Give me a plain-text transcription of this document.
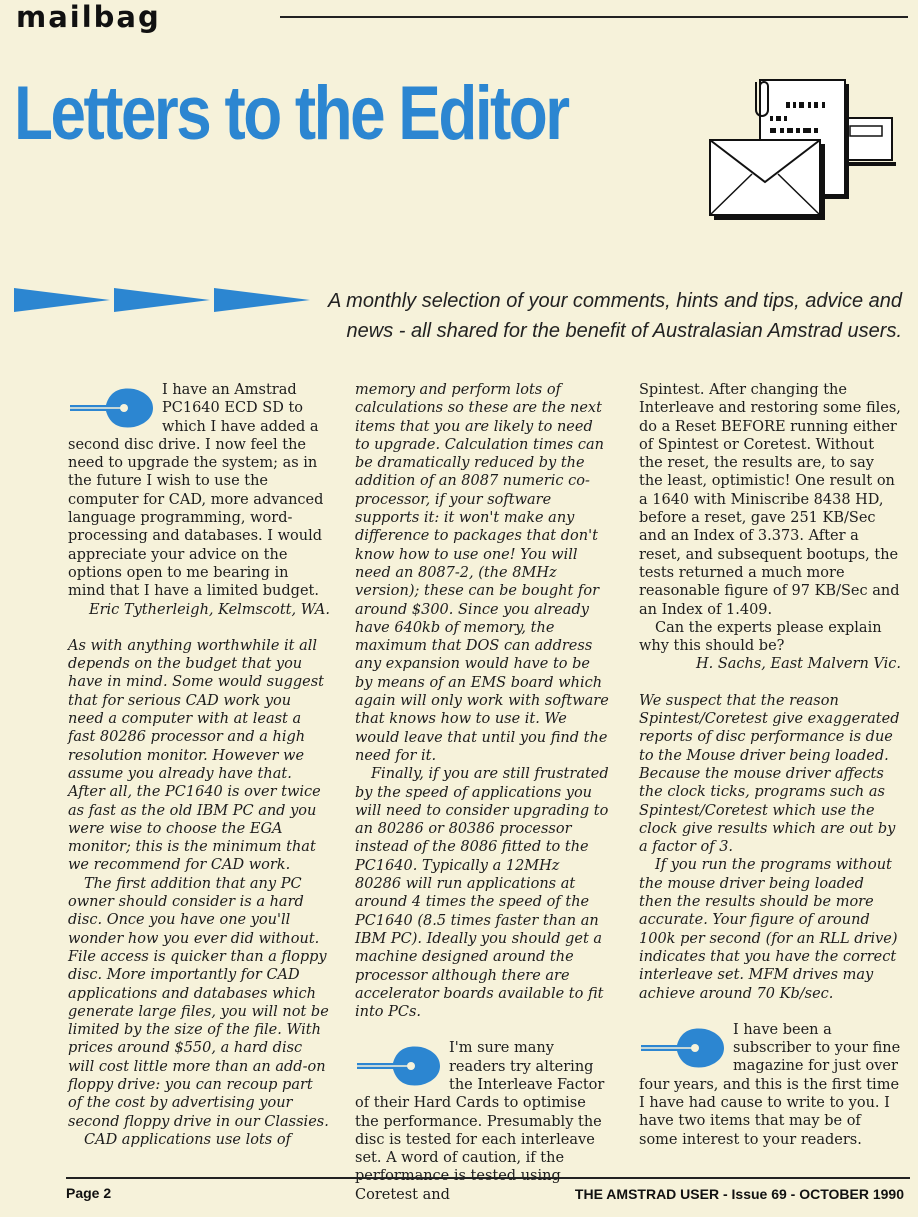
mailbag
Letters to the Editor
A monthly selection of your comments, hints and tips, advice and news - all shared for the benefit of Australasian Amstrad users.

I have an Amstrad PC1640 ECD SD to which I have added a second disc drive. I now feel the need to upgrade the system; as in the future I wish to use the computer for CAD, more advanced language programming, word-processing and databases. I would appreciate your advice on the options open to me bearing in mind that I have a limited budget.

Eric Tytherleigh, Kelmscott, WA.

As with anything worthwhile it all depends on the budget that you have in mind. Some would suggest that for serious CAD work you need a computer with at least a fast 80286 processor and a high resolution monitor. However we assume you already have that. After all, the PC1640 is over twice as fast as the old IBM PC and you were wise to choose the EGA monitor; this is the minimum that we recommend for CAD work.

The first addition that any PC owner should consider is a hard disc. Once you have one you'll wonder how you ever did without. File access is quicker than a floppy disc. More importantly for CAD applications and databases which generate large files, you will not be limited by the size of the file. With prices around $550, a hard disc will cost little more than an add-on floppy drive: you can recoup part of the cost by advertising your second floppy drive in our Classies.

CAD applications use lots of

memory and perform lots of calculations so these are the next items that you are likely to need to upgrade. Calculation times can be dramatically reduced by the addition of an 8087 numeric co-processor, if your software supports it: it won't make any difference to packages that don't know how to use one! You will need an 8087-2, (the 8MHz version); these can be bought for around $300. Since you already have 640kb of memory, the maximum that DOS can address any expansion would have to be by means of an EMS board which again will only work with software that knows how to use it. We would leave that until you find the need for it.

Finally, if you are still frustrated by the speed of applications you will need to consider upgrading to an 80286 or 80386 processor instead of the 8086 fitted to the PC1640. Typically a 12MHz 80286 will run applications at around 4 times the speed of the PC1640 (8.5 times faster than an IBM PC). Ideally you should get a machine designed around the processor although there are accelerator boards available to fit into PCs.

I'm sure many readers try altering the Interleave Factor of their Hard Cards to optimise the performance. Presumably the disc is tested for each interleave set. A word of caution, if the performance is tested using Coretest and

Spintest. After changing the Interleave and restoring some files, do a Reset BEFORE running either of Spintest or Coretest. Without the reset, the results are, to say the least, optimistic! One result on a 1640 with Miniscribe 8438 HD, before a reset, gave 251 KB/Sec and an Index of 3.373. After a reset, and subsequent bootups, the tests returned a much more reasonable figure of 97 KB/Sec and an Index of 1.409.

Can the experts please explain why this should be?

H. Sachs, East Malvern Vic.

We suspect that the reason Spintest/Coretest give exaggerated reports of disc performance is due to the Mouse driver being loaded. Because the mouse driver affects the clock ticks, programs such as Spintest/Coretest which use the clock give results which are out by a factor of 3.

If you run the programs without the mouse driver being loaded then the results should be more accurate. Your figure of around 100k per second (for an RLL drive) indicates that you have the correct interleave set. MFM drives may achieve around 70 Kb/sec.

I have been a subscriber to your fine magazine for just over four years, and this is the first time I have had cause to write to you. I have two items that may be of some interest to your readers.

Page 2	THE AMSTRAD USER - Issue 69 - OCTOBER 1990
